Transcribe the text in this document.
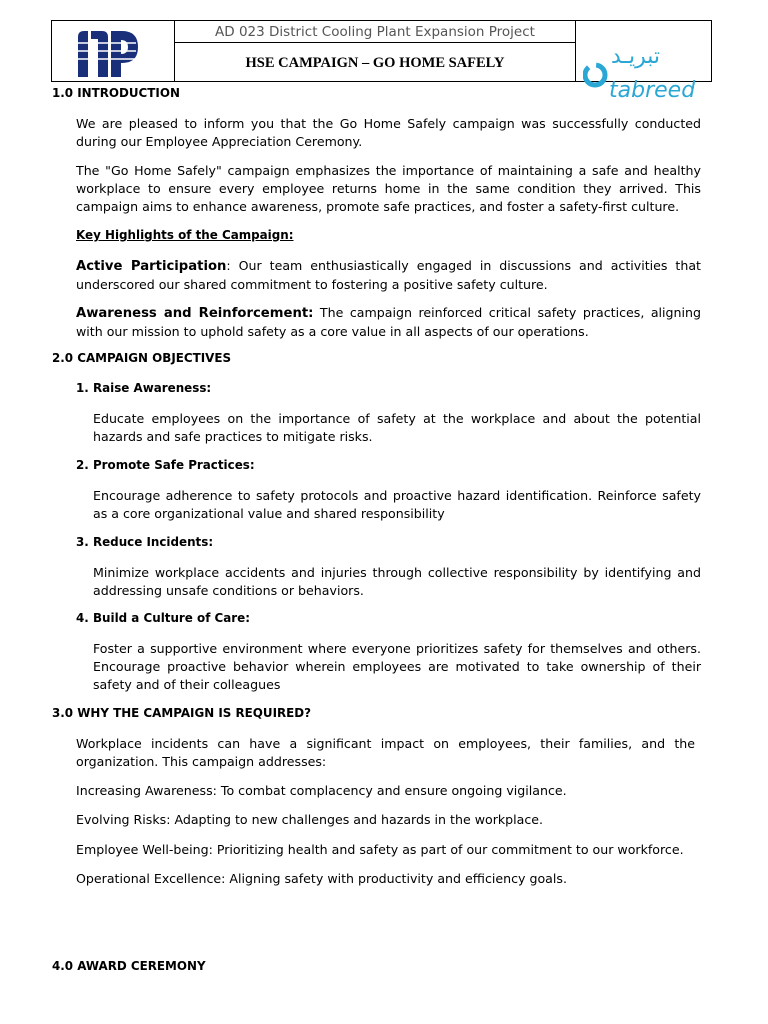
AD 023 District Cooling Plant Expansion Project
HSE CAMPAIGN – GO HOME SAFELY	تبريـد
tabreed
1.0 INTRODUCTION
We are pleased to inform you that the Go Home Safely campaign was successfully conducted during our Employee Appreciation Ceremony.
The "Go Home Safely" campaign emphasizes the importance of maintaining a safe and healthy workplace to ensure every employee returns home in the same condition they arrived. This campaign aims to enhance awareness, promote safe practices, and foster a safety-first culture.
Key Highlights of the Campaign:
Active Participation: Our team enthusiastically engaged in discussions and activities that underscored our shared commitment to fostering a positive safety culture.
Awareness and Reinforcement: The campaign reinforced critical safety practices, aligning with our mission to uphold safety as a core value in all aspects of our operations.
2.0 CAMPAIGN OBJECTIVES
1. Raise Awareness:
Educate employees on the importance of safety at the workplace and about the potential hazards and safe practices to mitigate risks.
2. Promote Safe Practices:
Encourage adherence to safety protocols and proactive hazard identification. Reinforce safety as a core organizational value and shared responsibility
3. Reduce Incidents:
Minimize workplace accidents and injuries through collective responsibility by identifying and addressing unsafe conditions or behaviors.
4. Build a Culture of Care:
Foster a supportive environment where everyone prioritizes safety for themselves and others. Encourage proactive behavior wherein employees are motivated to take ownership of their safety and of their colleagues
3.0 WHY THE CAMPAIGN IS REQUIRED?
Workplace incidents can have a significant impact on employees, their families, and the organization. This campaign addresses:
Increasing Awareness: To combat complacency and ensure ongoing vigilance.
Evolving Risks: Adapting to new challenges and hazards in the workplace.
Employee Well-being: Prioritizing health and safety as part of our commitment to our workforce.
Operational Excellence: Aligning safety with productivity and efficiency goals.
4.0 AWARD CEREMONY
